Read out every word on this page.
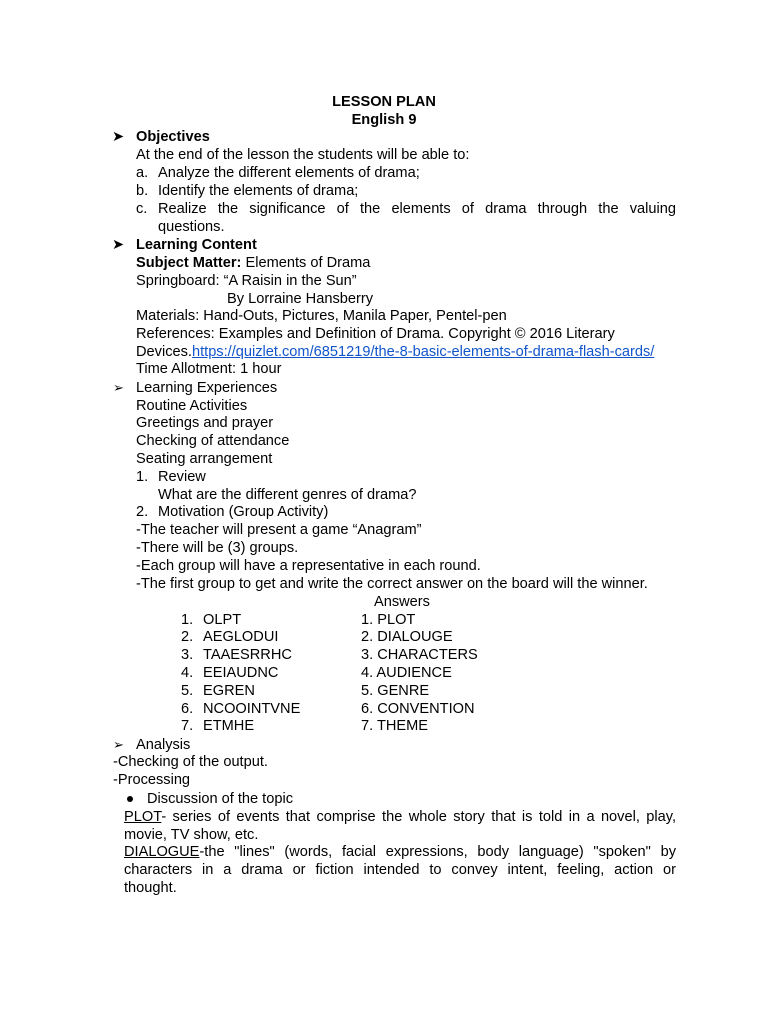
LESSON PLAN
English 9
➤ Objectives
At the end of the lesson the students will be able to:
a. Analyze the different elements of drama;
b. Identify the elements of drama;
c. Realize the significance of the elements of drama through the valuing
questions.
➤ Learning Content
Subject Matter: Elements of Drama
Springboard: “A Raisin in the Sun”
By Lorraine Hansberry
Materials: Hand-Outs, Pictures, Manila Paper, Pentel-pen
References: Examples and Definition of Drama. Copyright © 2016 Literary
Devices.https://quizlet.com/6851219/the-8-basic-elements-of-drama-flash-cards/
Time Allotment: 1 hour
➢ Learning Experiences
Routine Activities
Greetings and prayer
Checking of attendance
Seating arrangement
1. Review
What are the different genres of drama?
2. Motivation (Group Activity)
-The teacher will present a game “Anagram”
-There will be (3) groups.
-Each group will have a representative in each round.
-The first group to get and write the correct answer on the board will the winner.
Answers
1. OLPT	1. PLOT
2. AEGLODUI	2. DIALOUGE
3. TAAESRRHC	3. CHARACTERS
4. EEIAUDNC	4. AUDIENCE
5. EGREN	5. GENRE
6. NCOOINTVNE	6. CONVENTION
7. ETMHE	7. THEME
➢ Analysis
-Checking of the output.
-Processing
Discussion of the topic
PLOT- series of events that comprise the whole story that is told in a novel, play,
movie, TV show, etc.
DIALOGUE-the "lines" (words, facial expressions, body language) "spoken" by
characters in a drama or fiction intended to convey intent, feeling, action or
thought.
